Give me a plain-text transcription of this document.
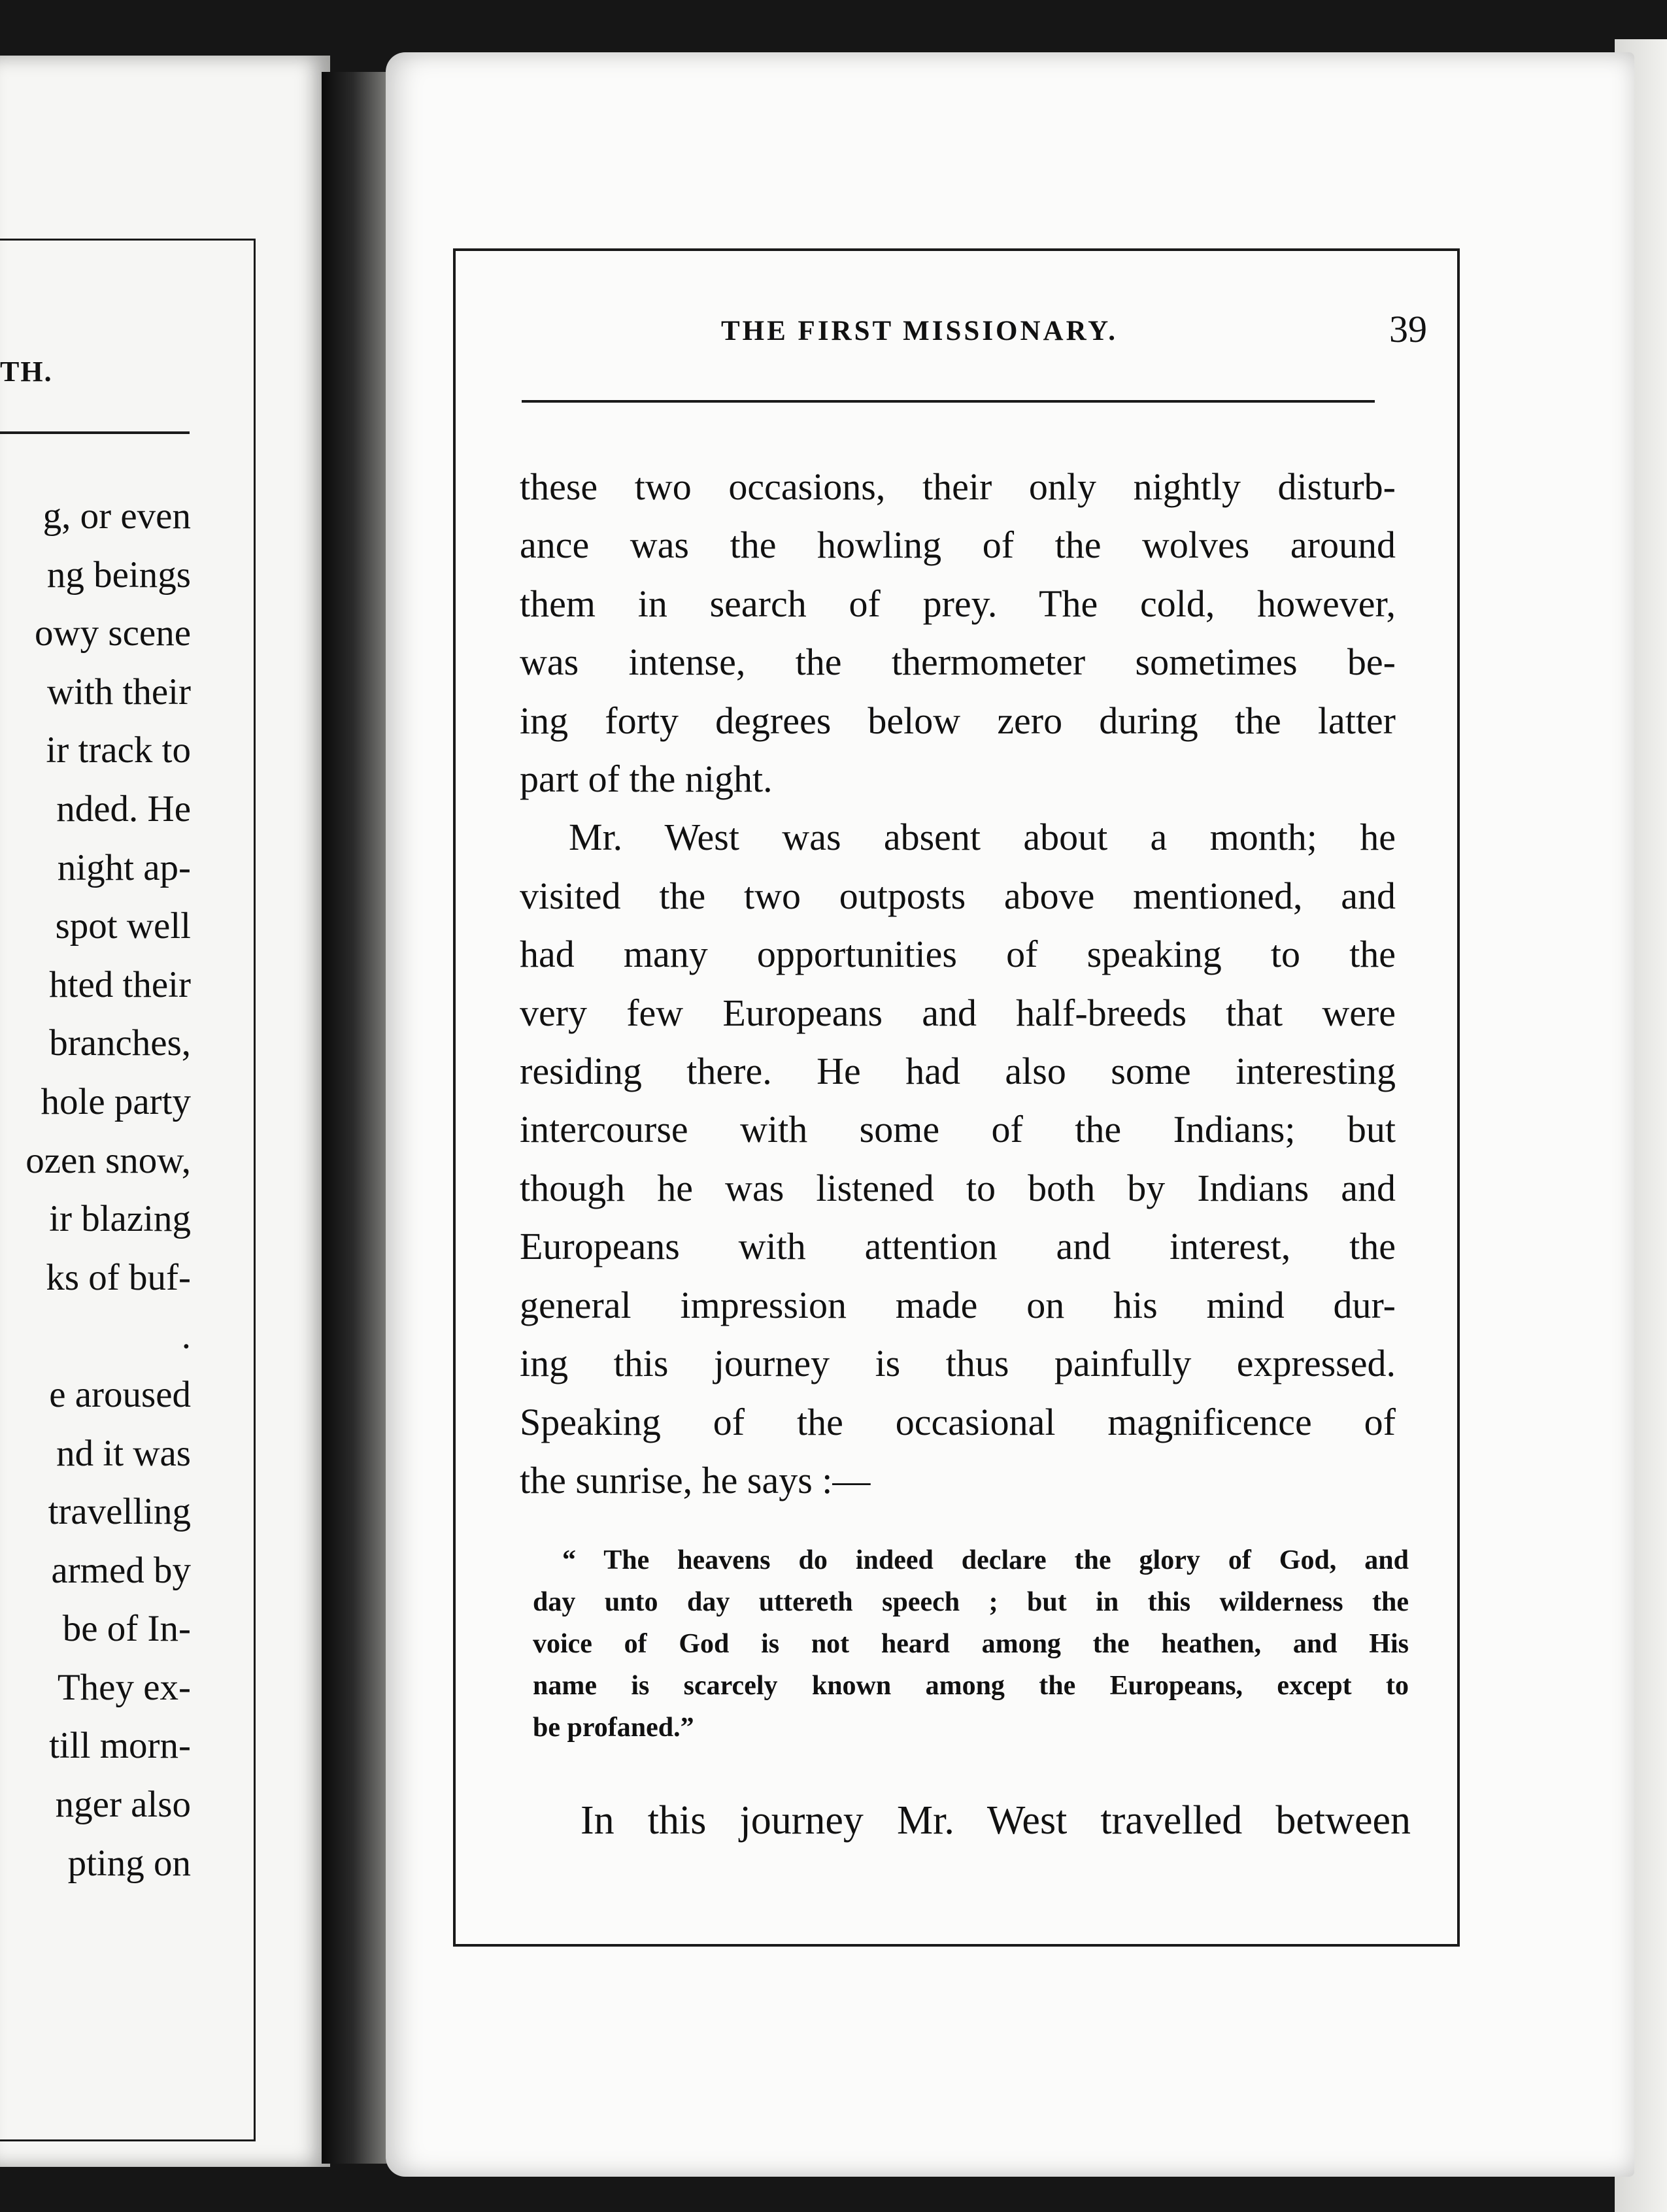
TH.
g, or even
ng beings
owy scene
with their
ir track to
nded. He
night ap-
spot well
hted their
branches,
hole party
ozen snow,
ir blazing
ks of buf-
.
e aroused
nd it was
travelling
armed by
be of In-
They ex-
till morn-
nger also
pting on
THE FIRST MISSIONARY.	39
these two occasions, their only nightly disturb-
ance was the howling of the wolves around
them in search of prey. The cold, however,
was intense, the thermometer sometimes be-
ing forty degrees below zero during the latter
part of the night.
Mr. West was absent about a month; he
visited the two outposts above mentioned, and
had many opportunities of speaking to the
very few Europeans and half-breeds that were
residing there. He had also some interesting
intercourse with some of the Indians; but
though he was listened to both by Indians and
Europeans with attention and interest, the
general impression made on his mind dur-
ing this journey is thus painfully expressed.
Speaking of the occasional magnificence of
the sunrise, he says :—
“ The heavens do indeed declare the glory of God, and
day unto day uttereth speech ; but in this wilderness the
voice of God is not heard among the heathen, and His
name is scarcely known among the Europeans, except to
be profaned.”
In this journey Mr. West travelled between
